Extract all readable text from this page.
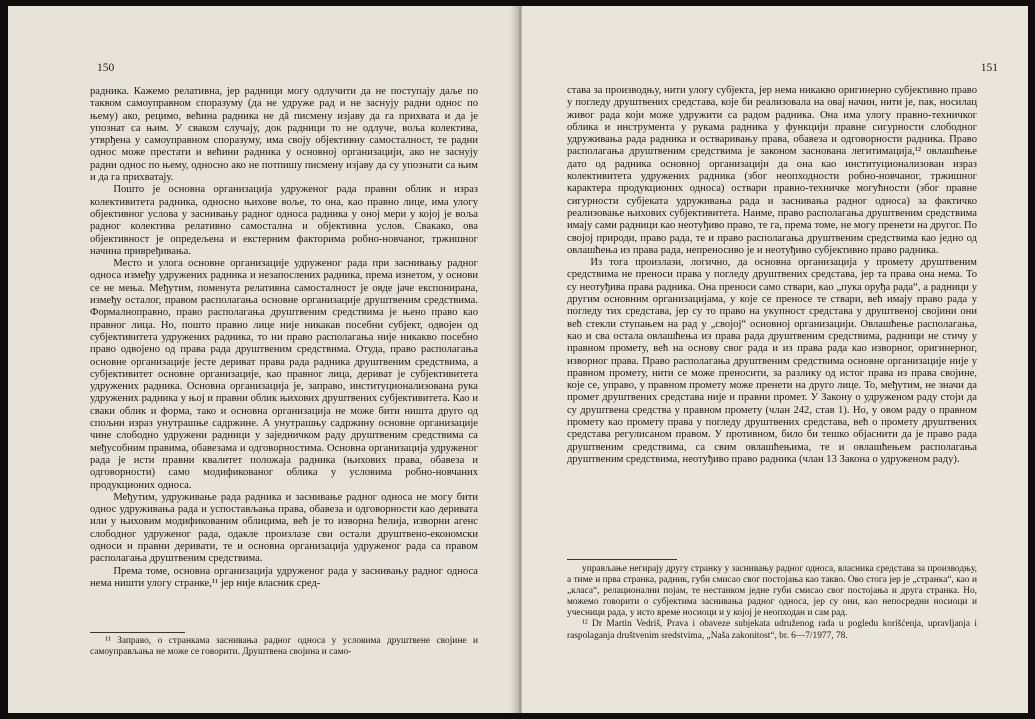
150

радника. Кажемо релативна, јер радници могу одлучити да не поступају даље по таквом самоуправном споразуму (да не удруже рад и не заснују радни однос по њему) ако, рецимо, већина радника не дâ писмену изјаву да га прихвата и да је упознат са њим. У сваком случају, док радници то не одлуче, воља колектива, утврђена у самоуправном споразуму, има своју објективну самосталност, те радни однос може престати и већини радника у основној организацији, ако не заснују радни однос по њему, односно ако не потпишу писмену изјаву да су упознати са њим и да га прихватају.

Пошто је основна организација удруженог рада правни облик и израз колективитета радника, односно њихове воље, то она, као правно лице, има улогу објективног услова у заснивању радног односа радника у оној мери у којој је воља радног колектива релативно самостална и објективна услов. Свакако, ова објективност је опредељена и екстерним факторима робно-новчаног, тржишног начина привређивања.

Место и улога основне организације удруженог рада при заснивању радног односа између удружених радника и незапослених радника, према изнетом, у основи се не мења. Међутим, поменута релативна самосталност је овде јаче експонирана, између осталог, правом располагања основне организације друштвеним средствима. Формалноправно, право располагања друштвеним средствима је њено право као правног лица. Но, пошто правно лице није никакав посебни субјект, одвојен од субјективитета удружених радника, то ни право располагања није никакво посебно право одвојено од права рада друштвеним средствима. Отуда, право располагања основне организације јесте дериват права рада радника друштвеним средствима, а субјективитет основне организације, као правног лица, дериват је субјективитета удружених радника. Основна организација је, заправо, институционализована рука удружених радника у њој и правни облик њихових друштвених субјективитета. Као и сваки облик и форма, тако и основна организација не може бити ништа друго од спољни израз унутрашње садржине. А унутрашњу садржину основне организације чине слободно удружени радници у заједничком раду друштвеним средствима са међусобним правима, обавезама и одговорностима. Основна организација удруженог рада је исти правни квалитет положаја радника (њихових права, обавеза и одговорности) само модификованог облика у условима робно-новчаних продукционих односа.

Међутим, удруживање рада радника и заснивање радног односа не могу бити однос удруживања рада и успостављања права, обавеза и одговорности као деривата или у њиховим модификованим облицима, већ је то изворна ћелија, изворни агенс слободног удруженог рада, одакле произлазе сви остали друштвено-економски односи и правни деривати, те и основна организација удруженог рада са правом располагања друштвеним средствима.

Према томе, основна организација удруженог рада у заснивању радног односа нема ништи улогу странке,¹¹ јер није власник сред-

¹¹ Заправо, о странкама заснивања радног односа у условима друштвене својине и самоуправљања не може се говорити. Друштвена својина и само-

151

става за производњу, нити улогу субјекта, јер нема никакво оригинерно субјективно право у погледу друштвених средстава, које би реализовала на овај начин, нити је, пак, носилац живог рада који може удружити са радом радника. Она има улогу правно-техничког облика и инструмента у рукама радника у функцији правне сигурности слободног удруживања рада радника и остваривању права, обавеза и одговорности радника. Право располагања друштвеним средствима је законом заснована легитимација,¹² овлашћење дато од радника основној организацији да она као институционализован израз колективитета удружених радника (због неопходности робно-новчаног, тржишног карактера продукционих односа) оствари правно-техничке могућности (због правне сигурности субјеката удруживања рада и заснивања радног односа) за фактичко реализовање њихових субјективитета. Наиме, право располагања друштвеним средствима имају сами радници као неотуђиво право, те га, према томе, не могу пренети на другог. По својој природи, право рада, те и право располагања друштвеним средствима као једно од овлашћења из права рада, непреносиво је и неотуђиво субјективно право радника.

Из тога произлази, логично, да основна организација у промету друштвеним средствима не преноси права у погледу друштвених средстава, јер та права она нема. То су неотуђива права радника. Она преноси само ствари, као „пука оруђа рада“, а радници у другим основним организацијама, у које се преносе те ствари, већ имају право рада у погледу тих средстава, јер су то право на укупност средстава у друштвеној својини они већ стекли ступањем на рад у „својој“ основној организацији. Овлашћење располагања, као и сва остала овлашћења из права рада друштвеним средствима, радници не стичу у правном промету, већ на основу свог рада и из права рада као изворног, оригинерног, изворног права. Право располагања друштвеним средствима основне организације није у правном промету, нити се може преносити, за разлику од истог права из права својине, које се, управо, у правном промету може пренети на друго лице. То, међутим, не значи да промет друштвених средстава није и правни промет. У Закону о удруженом раду стоји да су друштвена средства у правном промету (члан 242, став 1). Но, у овом раду о правном промету као промету права у погледу друштвених средстава, већ о промету друштвених средстава регулисаном правом. У противном, било би тешко објаснити да је право рада друштвеним средствима, са свим овлашћењима, те и овлашћењем располагања друштвеним средствима, неотуђиво право радника (члан 13 Закона о удруженом раду).

управљање негирају другу странку у заснивању радног односа, власника средстава за производњу, а тиме и прва странка, радник, губи смисао свог постојања као такво. Ово стога јер је „странка“, као и „класа“, релационални појам, те нестанком једне губи смисао свог постојања и друга странка. Но, можемо говорити о субјектима заснивања радног односа, јер су они, као непосредни носиоци и учесници рада, у исто време носиоци и у којој је неопходан и сам рад.

¹² Dr Martin Vedriš, Prava i obaveze subjekata udruženog rada u pogledu korišćenja, upravljanja i raspolaganja društvenim sredstvima, „Naša zakonitost“, br. 6—7/1977, 78.
